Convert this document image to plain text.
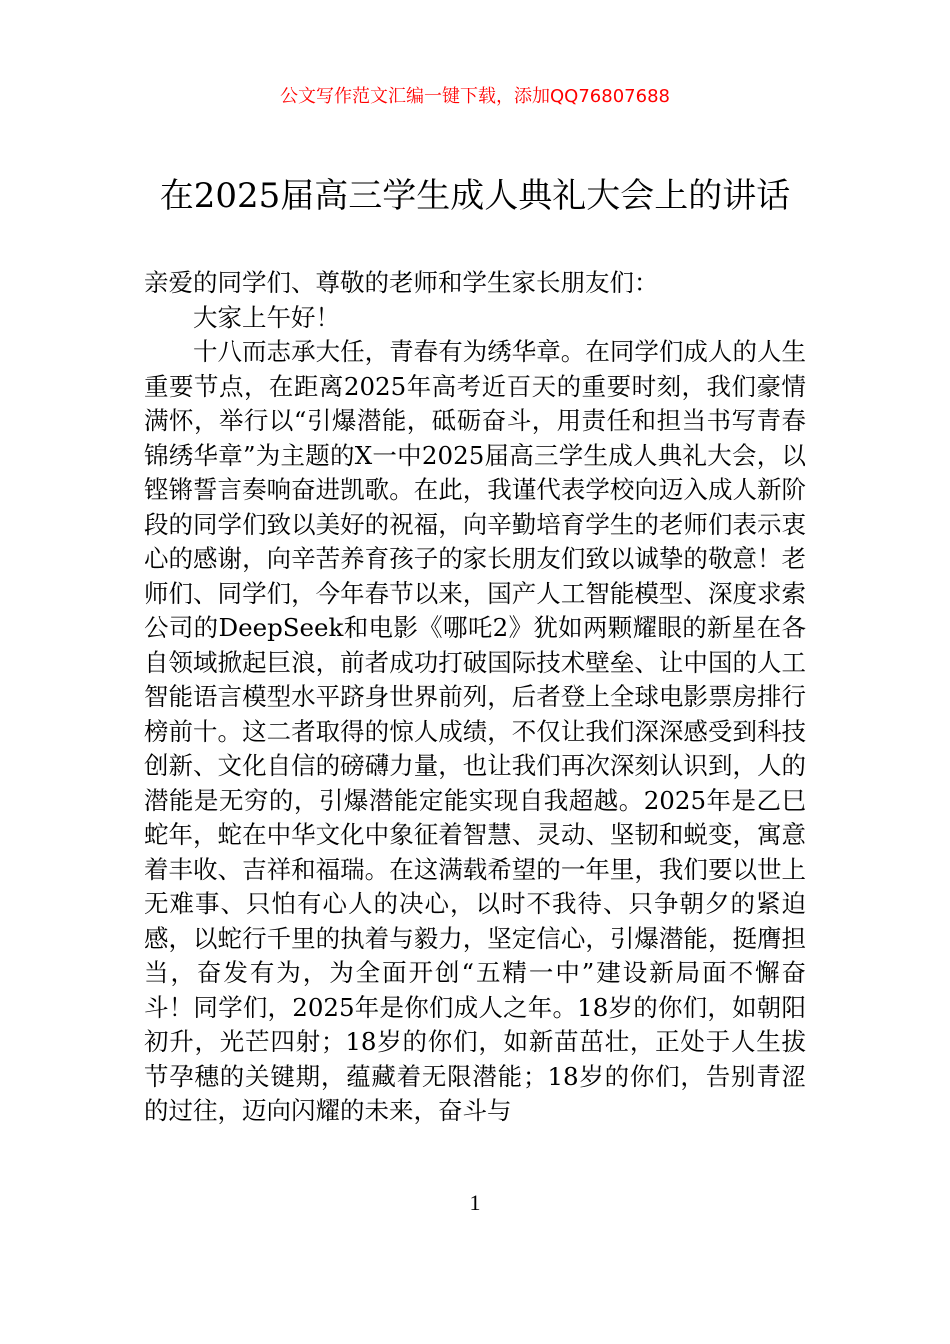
公文写作范文汇编一键下载，添加QQ76807688
在2025届高三学生成人典礼大会上的讲话

亲爱的同学们、尊敬的老师和学生家长朋友们：

大家上午好！

十八而志承大任，青春有为绣华章。在同学们成人的人生重要节点，在距离2025年高考近百天的重要时刻，我们豪情满怀，举行以“引爆潜能，砥砺奋斗，用责任和担当书写青春锦绣华章”为主题的X一中2025届高三学生成人典礼大会，以铿锵誓言奏响奋进凯歌。在此，我谨代表学校向迈入成人新阶段的同学们致以美好的祝福，向辛勤培育学生的老师们表示衷心的感谢，向辛苦养育孩子的家长朋友们致以诚挚的敬意！老师们、同学们，今年春节以来，国产人工智能模型、深度求索公司的DeepSeek和电影《哪吒2》犹如两颗耀眼的新星在各自领域掀起巨浪，前者成功打破国际技术壁垒、让中国的人工智能语言模型水平跻身世界前列，后者登上全球电影票房排行榜前十。这二者取得的惊人成绩，不仅让我们深深感受到科技创新、文化自信的磅礴力量，也让我们再次深刻认识到，人的潜能是无穷的，引爆潜能定能实现自我超越。2025年是乙巳蛇年，蛇在中华文化中象征着智慧、灵动、坚韧和蜕变，寓意着丰收、吉祥和福瑞。在这满载希望的一年里，我们要以世上无难事、只怕有心人的决心，以时不我待、只争朝夕的紧迫感，以蛇行千里的执着与毅力，坚定信心，引爆潜能，挺膺担当，奋发有为，为全面开创“五精一中”建设新局面不懈奋斗！同学们，2025年是你们成人之年。18岁的你们，如朝阳初升，光芒四射；18岁的你们，如新苗茁壮，正处于人生拔节孕穗的关键期，蕴藏着无限潜能；18岁的你们，告别青涩的过往，迈向闪耀的未来，奋斗与

1
